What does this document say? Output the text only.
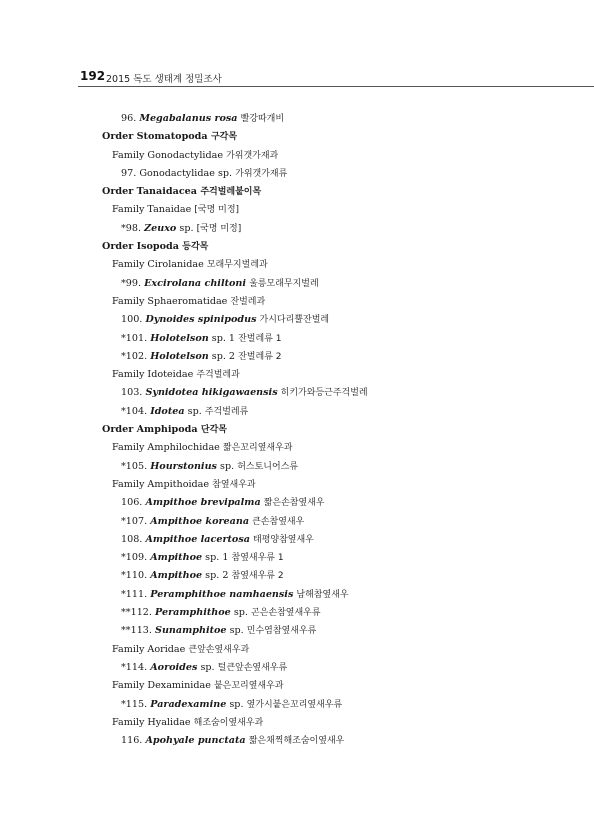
192 2015 독도 생태계 정밀조사
96. Megabalanus rosa 빨강따개비
Order Stomatopoda 구각목
Family Gonodactylidae 가위갯가재과
97. Gonodactylidae sp. 가위갯가재류
Order Tanaidacea 주걱벌레붙이목
Family Tanaidae [국명 미정]
*98. Zeuxo sp. [국명 미정]
Order Isopoda 등각목
Family Cirolanidae 모래무지벌레과
*99. Excirolana chiltoni 울릉모래무지벌레
Family Sphaeromatidae 잔벌레과
100. Dynoides spinipodus 가시다리뿔잔벌레
*101. Holotelson sp. 1 잔벌레류 1
*102. Holotelson sp. 2 잔벌레류 2
Family Idoteidae 주걱벌레과
103. Synidotea hikigawaensis 히키가와등근주걱벌레
*104. Idotea sp. 주걱벌레류
Order Amphipoda 단각목
Family Amphilochidae 짧은꼬리옆새우과
*105. Hourstonius sp. 허스토니어스류
Family Ampithoidae 참옆새우과
106. Ampithoe brevipalma 짧은손참옆새우
*107. Ampithoe koreana 큰손참옆새우
108. Ampithoe lacertosa 태평양참옆새우
*109. Ampithoe sp. 1 참옆새우류 1
*110. Ampithoe sp. 2 참옆새우류 2
*111. Peramphithoe namhaensis 남해참옆새우
**112. Peramphithoe sp. 곤은손참옆새우류
**113. Sunamphitoe sp. 민수염참옆새우류
Family Aoridae 큰앞손옆새우과
*114. Aoroides sp. 털큰앞손옆새우류
Family Dexaminidae 붙은꼬리옆새우과
*115. Paradexamine sp. 옆가시붙은꼬리옆새우류
Family Hyalidae 해조숨이옆새우과
116. Apohyale punctata 짧은채찍해조숨이옆새우
